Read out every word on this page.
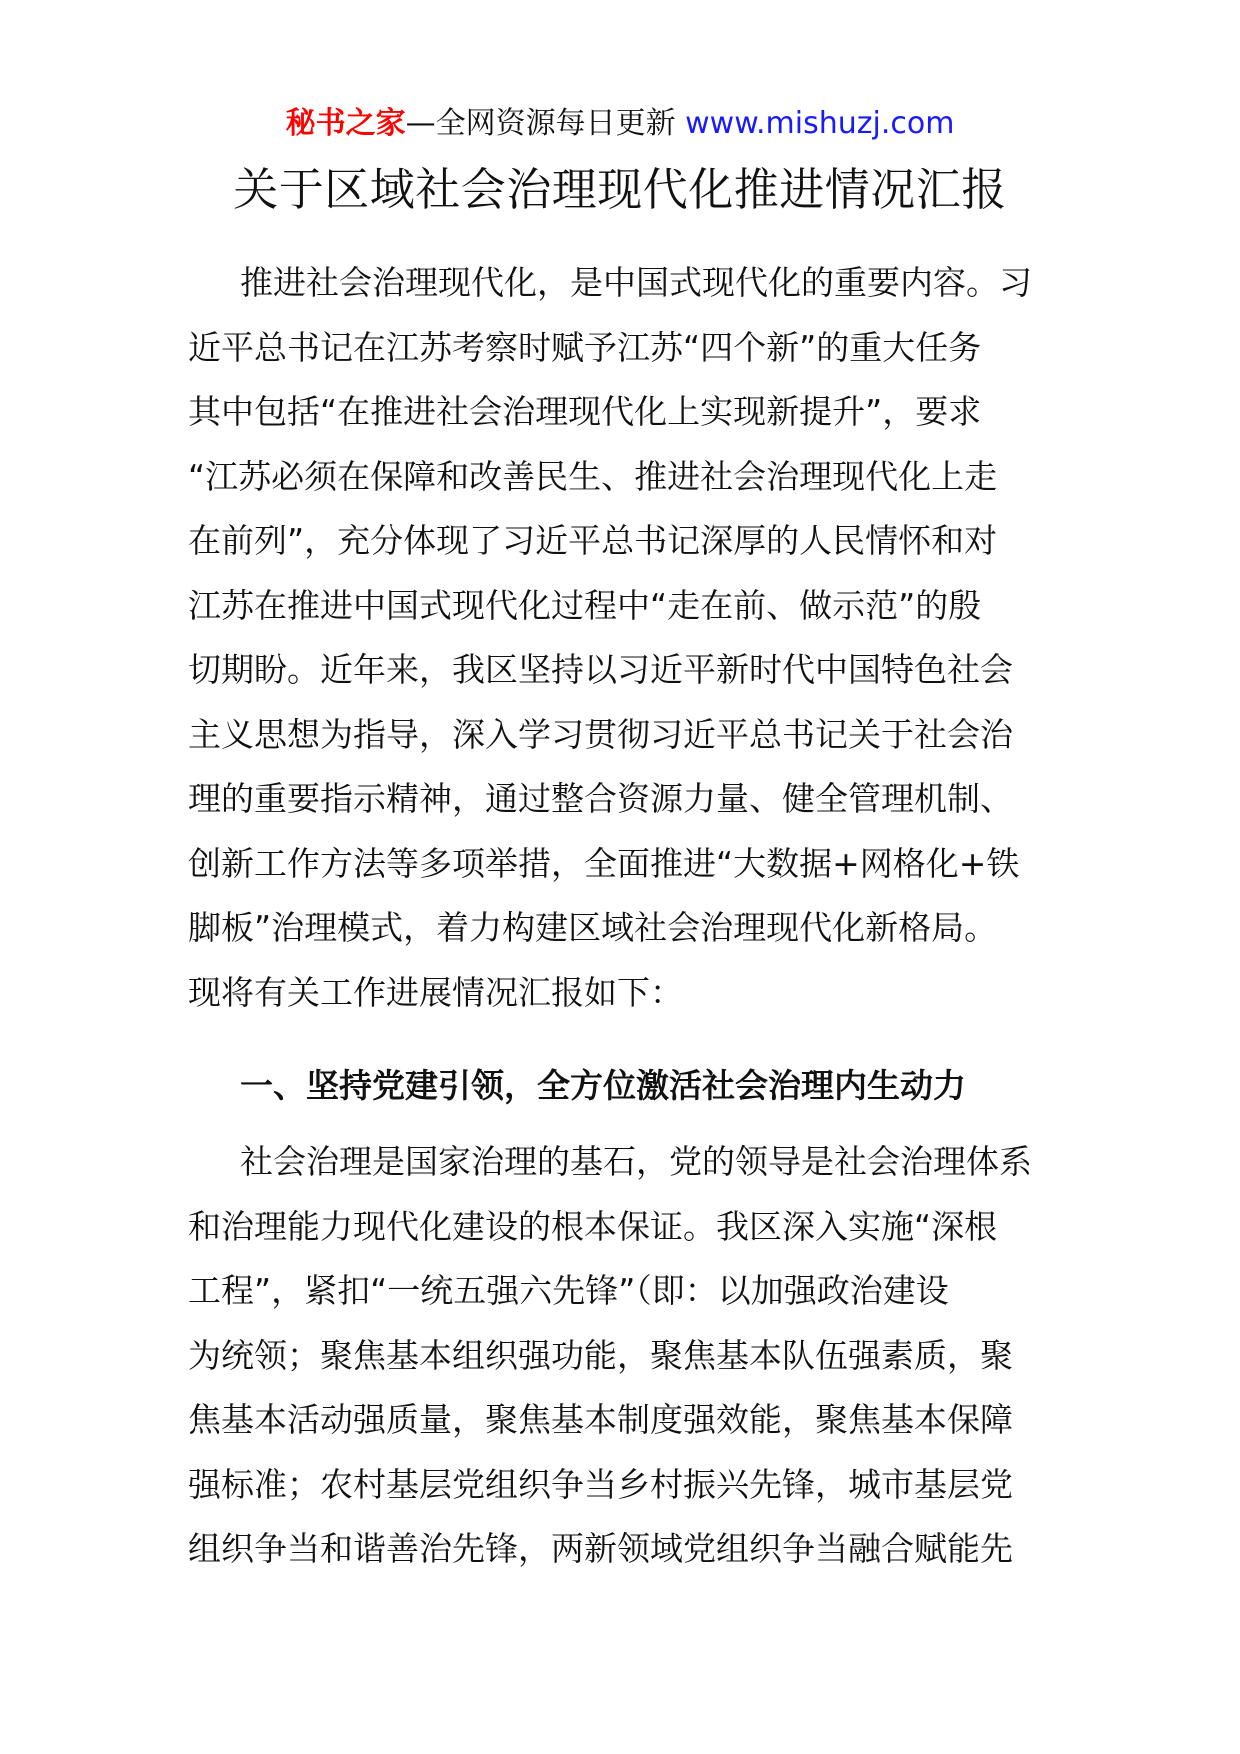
秘书之家—全网资源每日更新 www.mishuzj.com
关于区域社会治理现代化推进情况汇报
推进社会治理现代化，是中国式现代化的重要内容。习
近平总书记在江苏考察时赋予江苏“四个新”的重大任务
其中包括“在推进社会治理现代化上实现新提升”，要求
“江苏必须在保障和改善民生、推进社会治理现代化上走
在前列”，充分体现了习近平总书记深厚的人民情怀和对
江苏在推进中国式现代化过程中“走在前、做示范”的殷
切期盼。近年来，我区坚持以习近平新时代中国特色社会
主义思想为指导，深入学习贯彻习近平总书记关于社会治
理的重要指示精神，通过整合资源力量、健全管理机制、
创新工作方法等多项举措，全面推进“大数据+网格化+铁
脚板”治理模式，着力构建区域社会治理现代化新格局。
现将有关工作进展情况汇报如下：
一、坚持党建引领，全方位激活社会治理内生动力
社会治理是国家治理的基石，党的领导是社会治理体系
和治理能力现代化建设的根本保证。我区深入实施“深根
工程”，紧扣“一统五强六先锋”（即：以加强政治建设
为统领；聚焦基本组织强功能，聚焦基本队伍强素质，聚
焦基本活动强质量，聚焦基本制度强效能，聚焦基本保障
强标准；农村基层党组织争当乡村振兴先锋，城市基层党
组织争当和谐善治先锋，两新领域党组织争当融合赋能先
